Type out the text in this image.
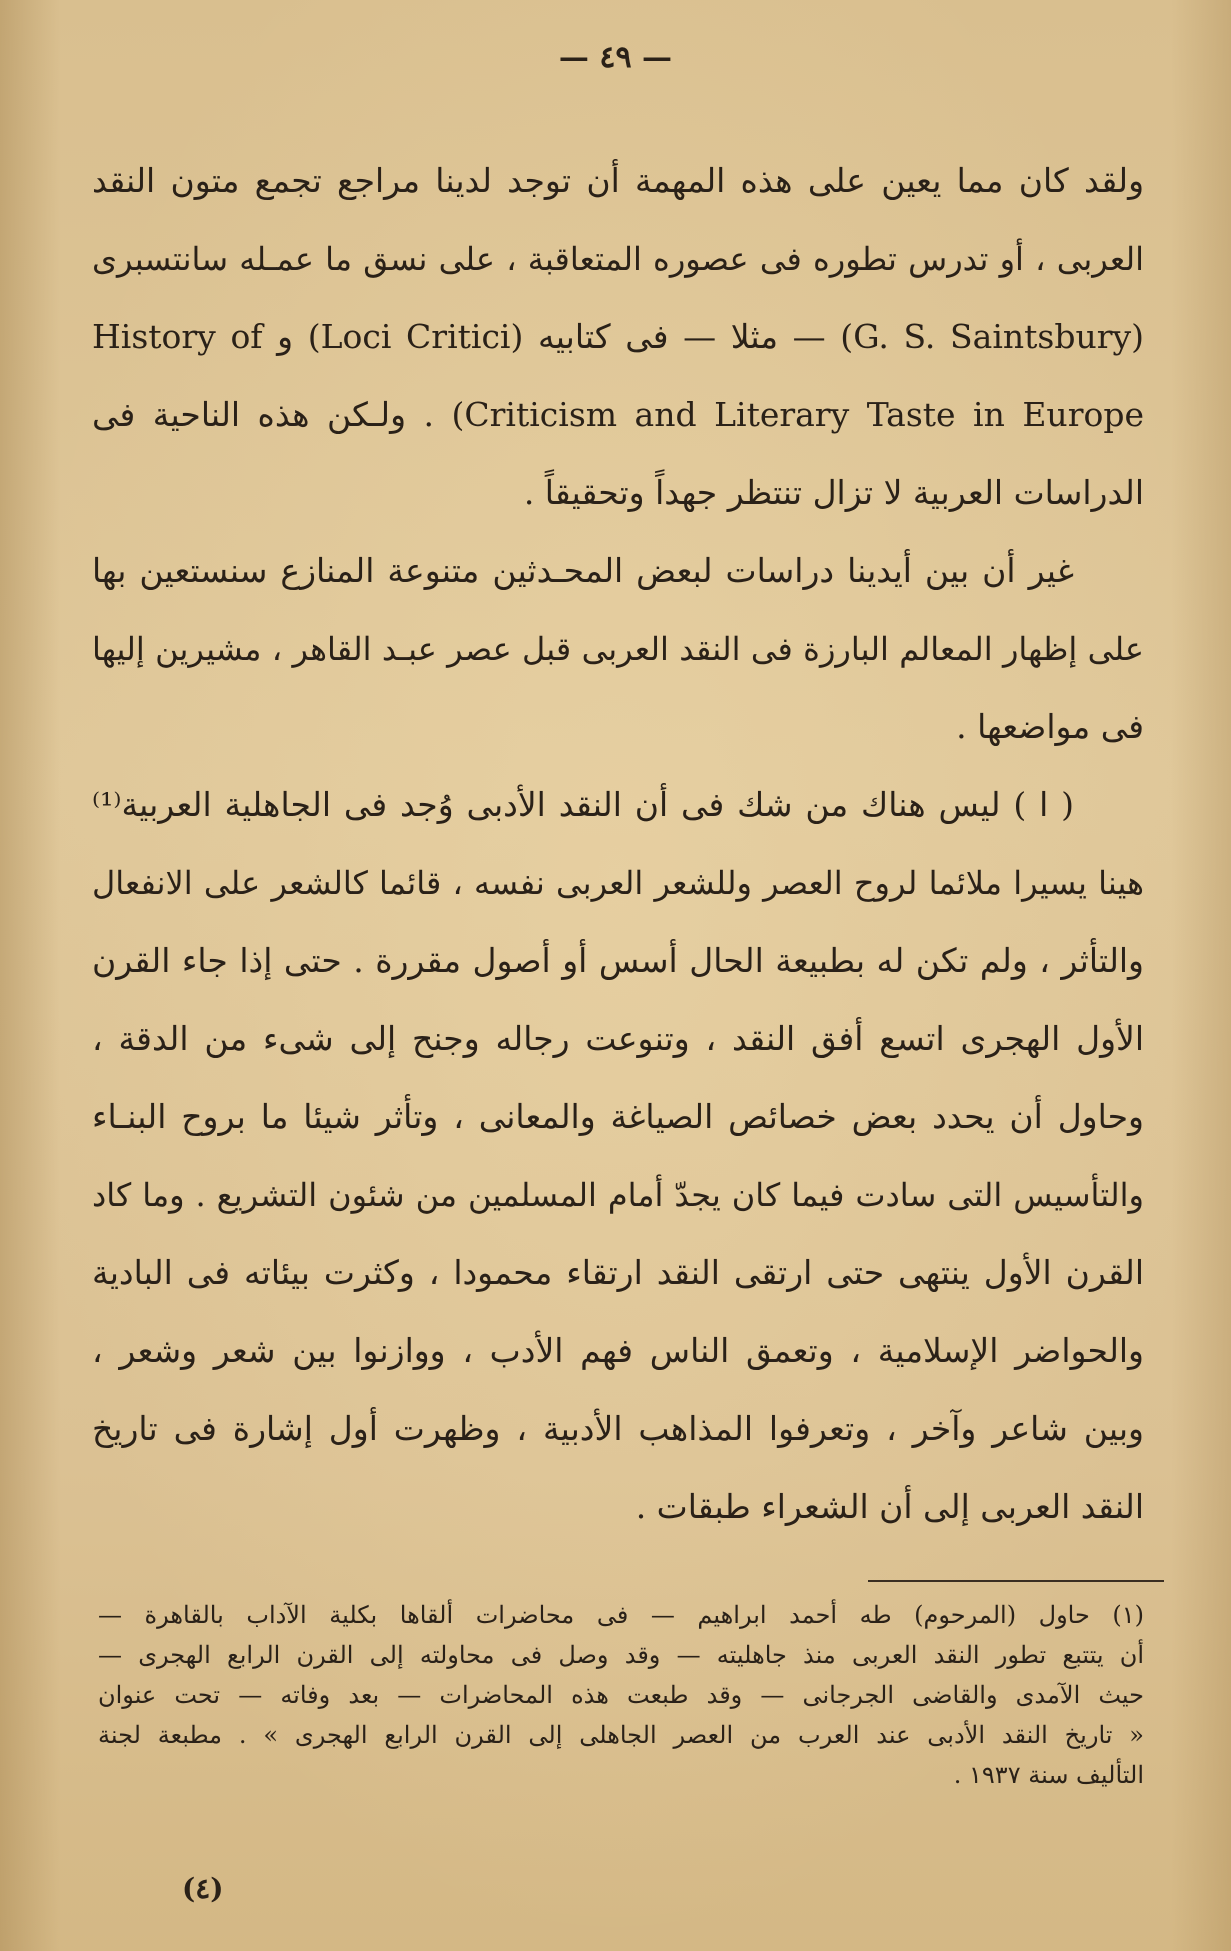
— ٤٩ —
ولقد كان مما يعين على هذه المهمة أن توجد لدينا مراجع تجمع متون النقد
العربى ، أو تدرس تطوره فى عصوره المتعاقبة ، على نسق ما عمـله سانتسبرى
(G. S. Saintsbury) — مثلا — فى كتابيه (Loci Critici) و History of
Criticism and Literary Taste in Europe) . ولـكن هذه الناحية فى
الدراسات العربية لا تزال تنتظر جهداً وتحقيقاً .
غير أن بين أيدينا دراسات لبعض المحـدثين متنوعة المنازع سنستعين بها
على إظهار المعالم البارزة فى النقد العربى قبل عصر عبـد القاهر ، مشيرين إليها
فى مواضعها .
( ا ) ليس هناك من شك فى أن النقد الأدبى وُجد فى الجاهلية العربية⁽¹⁾
هينا يسيرا ملائما لروح العصر وللشعر العربى نفسه ، قائما كالشعر على الانفعال
والتأثر ، ولم تكن له بطبيعة الحال أسس أو أصول مقررة . حتى إذا جاء القرن
الأول الهجرى اتسع أفق النقد ، وتنوعت رجاله وجنح إلى شىء من الدقة ،
وحاول أن يحدد بعض خصائص الصياغة والمعانى ، وتأثر شيئا ما بروح البنـاء
والتأسيس التى سادت فيما كان يجدّ أمام المسلمين من شئون التشريع . وما كاد
القرن الأول ينتهى حتى ارتقى النقد ارتقاء محمودا ، وكثرت بيئاته فى البادية
والحواضر الإسلامية ، وتعمق الناس فهم الأدب ، ووازنوا بين شعر وشعر ،
وبين شاعر وآخر ، وتعرفوا المذاهب الأدبية ، وظهرت أول إشارة فى تاريخ
النقد العربى إلى أن الشعراء طبقات .
(١) حاول (المرحوم) طه أحمد ابراهيم — فى محاضرات ألقاها بكلية الآداب بالقاهرة —
أن يتتبع تطور النقد العربى منذ جاهليته — وقد وصل فى محاولته إلى القرن الرابع الهجرى —
حيث الآمدى والقاضى الجرجانى — وقد طبعت هذه المحاضرات — بعد وفاته — تحت عنوان
« تاريخ النقد الأدبى عند العرب من العصر الجاهلى إلى القرن الرابع الهجرى » . مطبعة لجنة
التأليف سنة ١٩٣٧ .
(٤)
